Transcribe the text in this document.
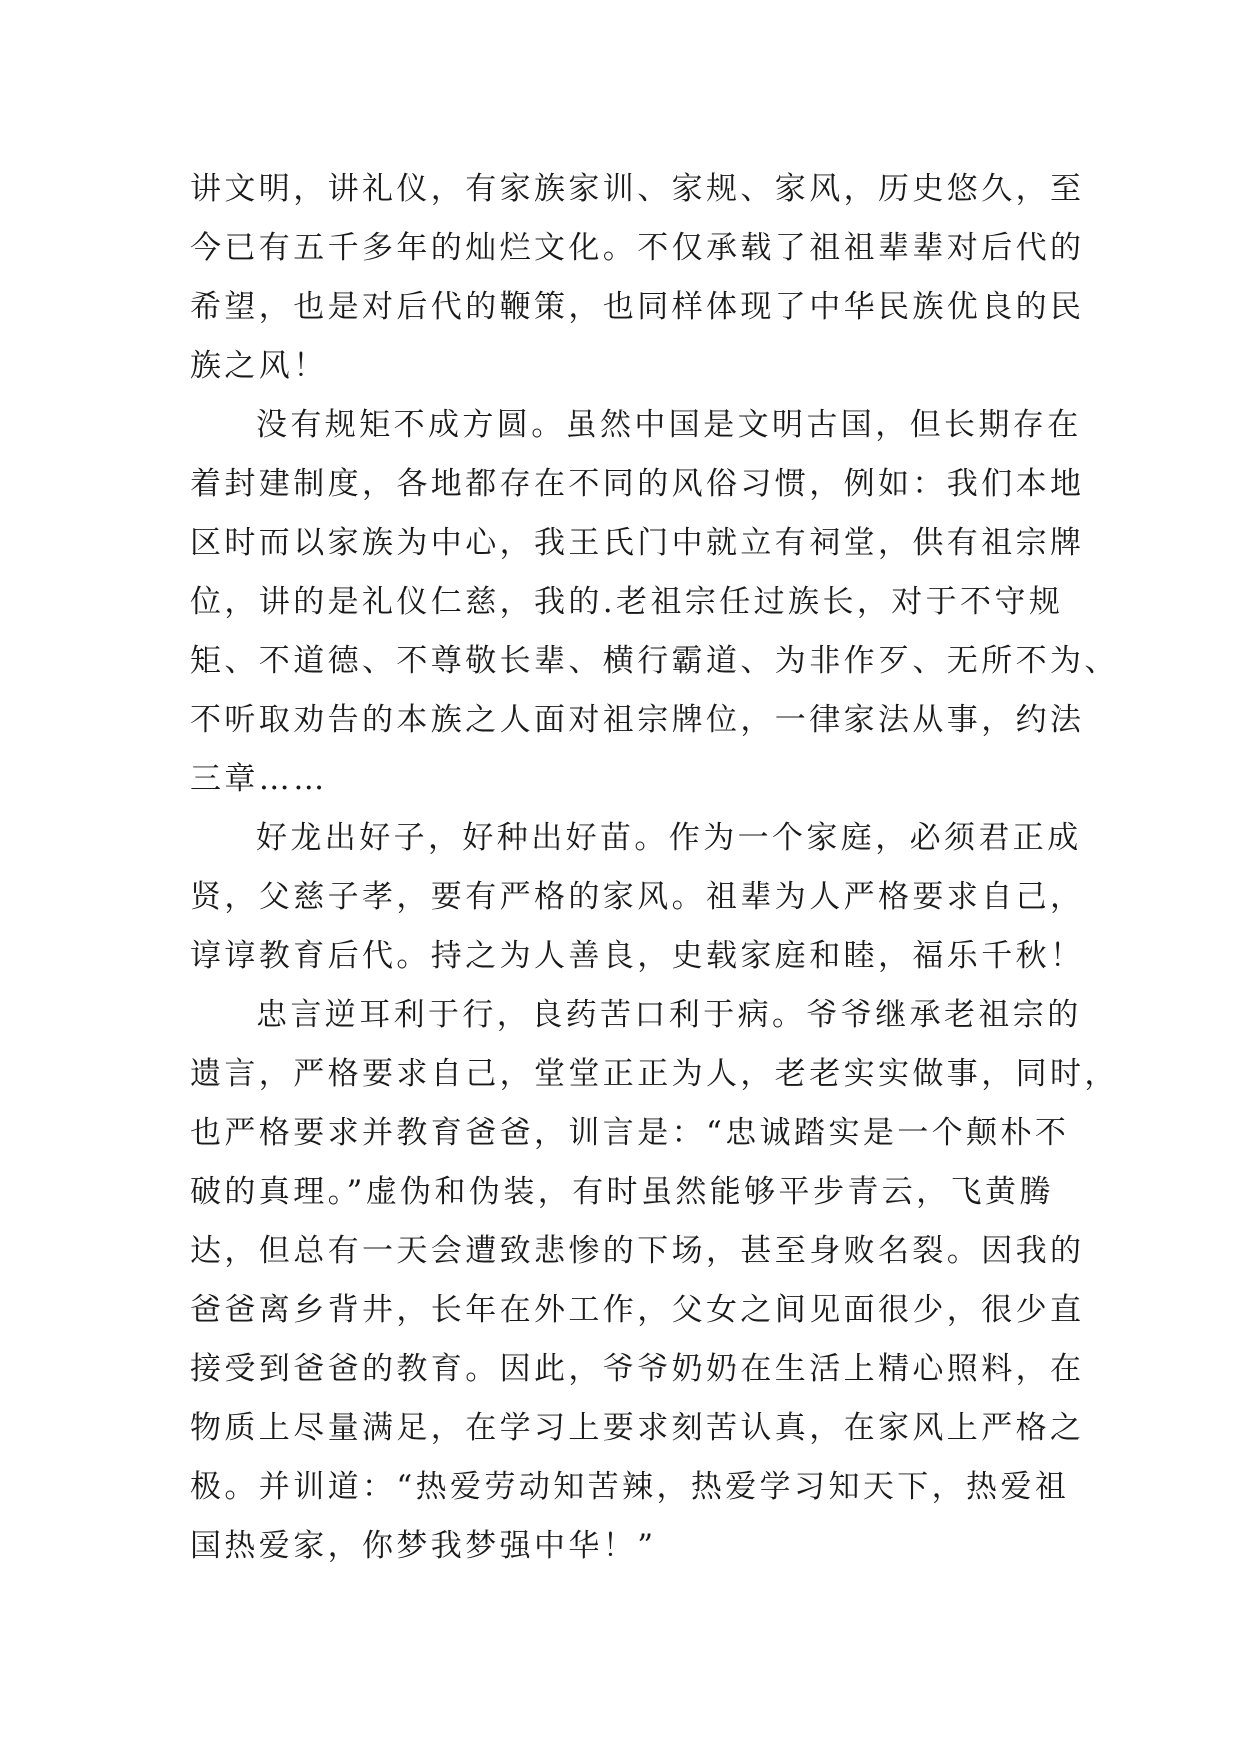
讲文明，讲礼仪，有家族家训、家规、家风，历史悠久，至
今已有五千多年的灿烂文化。不仅承载了祖祖辈辈对后代的
希望，也是对后代的鞭策，也同样体现了中华民族优良的民
族之风！
没有规矩不成方圆。虽然中国是文明古国，但长期存在
着封建制度，各地都存在不同的风俗习惯，例如：我们本地
区时而以家族为中心，我王氏门中就立有祠堂，供有祖宗牌
位，讲的是礼仪仁慈，我的.老祖宗任过族长，对于不守规
矩、不道德、不尊敬长辈、横行霸道、为非作歹、无所不为、
不听取劝告的本族之人面对祖宗牌位，一律家法从事，约法
三章……
好龙出好子，好种出好苗。作为一个家庭，必须君正成
贤，父慈子孝，要有严格的家风。祖辈为人严格要求自己，
谆谆教育后代。持之为人善良，史载家庭和睦，福乐千秋！
忠言逆耳利于行，良药苦口利于病。爷爷继承老祖宗的
遗言，严格要求自己，堂堂正正为人，老老实实做事，同时，
也严格要求并教育爸爸，训言是：“忠诚踏实是一个颠朴不
破的真理。”虚伪和伪装，有时虽然能够平步青云，飞黄腾
达，但总有一天会遭致悲惨的下场，甚至身败名裂。因我的
爸爸离乡背井，长年在外工作，父女之间见面很少，很少直
接受到爸爸的教育。因此，爷爷奶奶在生活上精心照料，在
物质上尽量满足，在学习上要求刻苦认真，在家风上严格之
极。并训道：“热爱劳动知苦辣，热爱学习知天下，热爱祖
国热爱家，你梦我梦强中华！”
